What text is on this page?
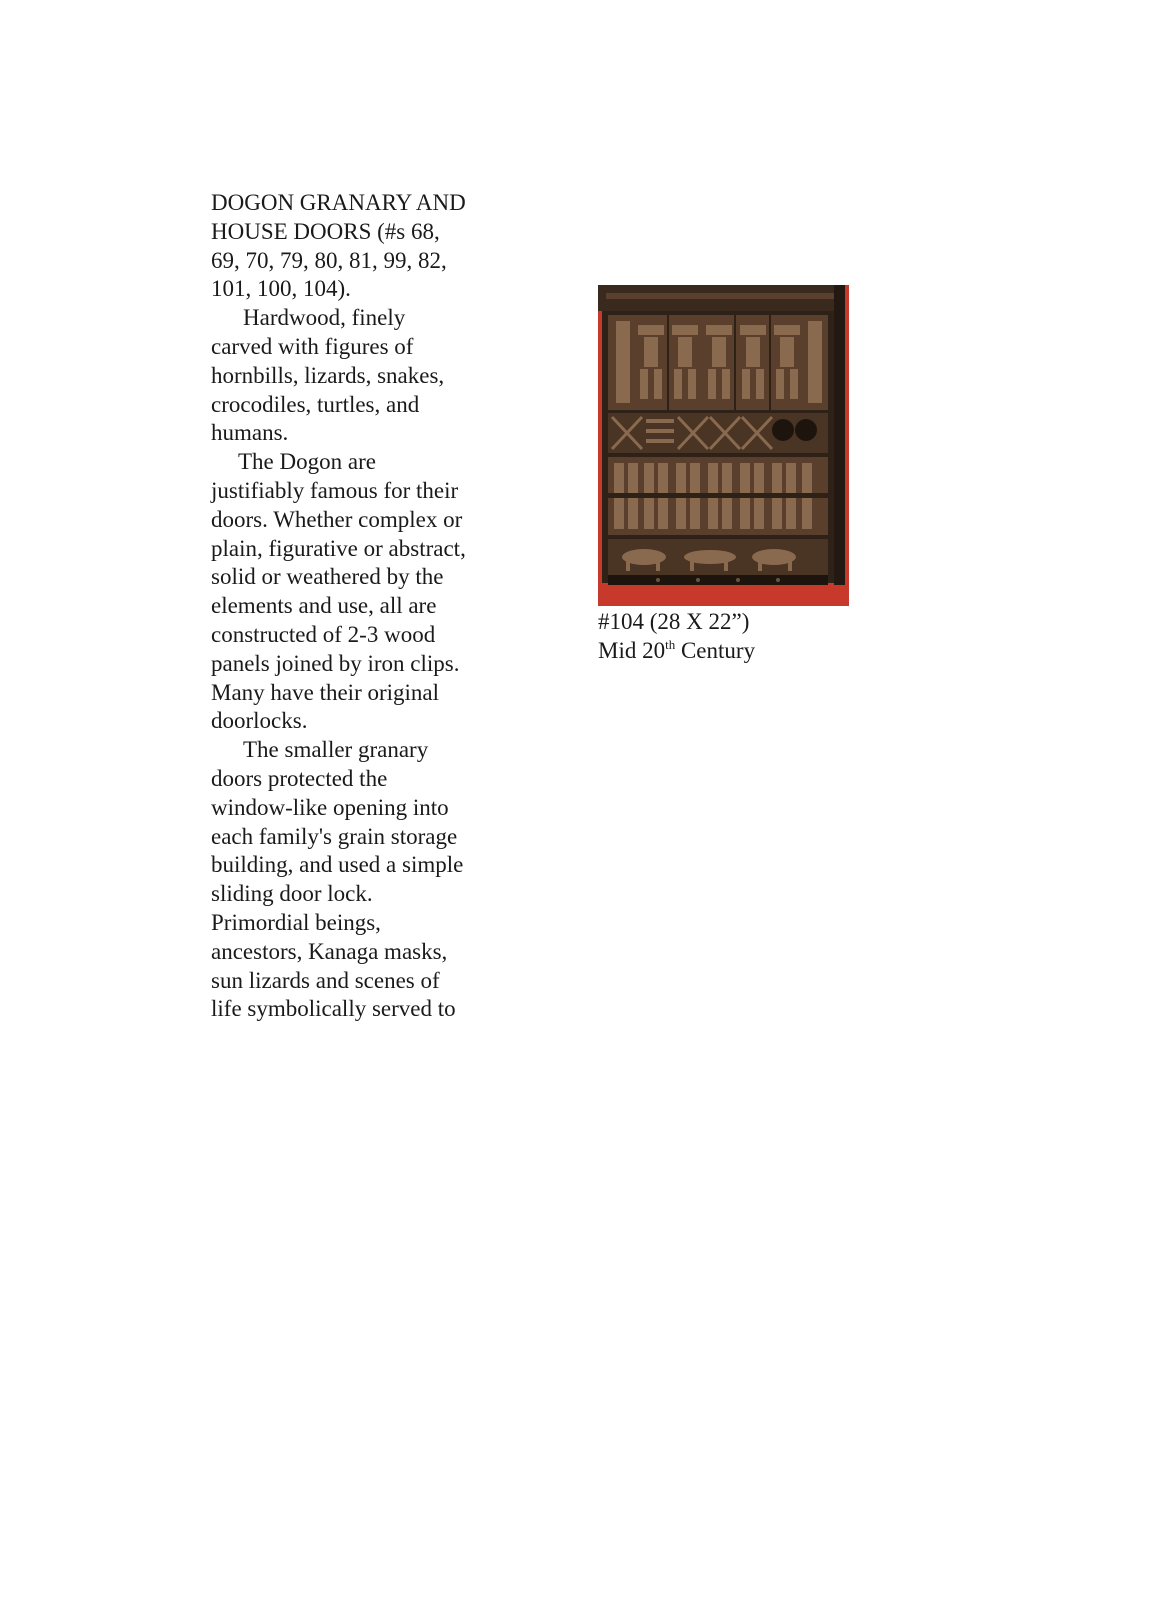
DOGON GRANARY AND HOUSE DOORS (#s 68, 69, 70, 79, 80, 81, 99, 82, 101, 100, 104).

Hardwood, finely carved with figures of hornbills, lizards, snakes, crocodiles, turtles, and humans.

The Dogon are justifiably famous for their doors. Whether complex or plain, figurative or abstract, solid or weathered by the elements and use, all are constructed of 2-3 wood panels joined by iron clips. Many have their original doorlocks.

The smaller granary doors protected the window-like opening into each family's grain storage building, and used a simple sliding door lock. Primordial beings, ancestors, Kanaga masks, sun lizards and scenes of life symbolically served to

#104 (28 X 22”)
Mid 20th Century
